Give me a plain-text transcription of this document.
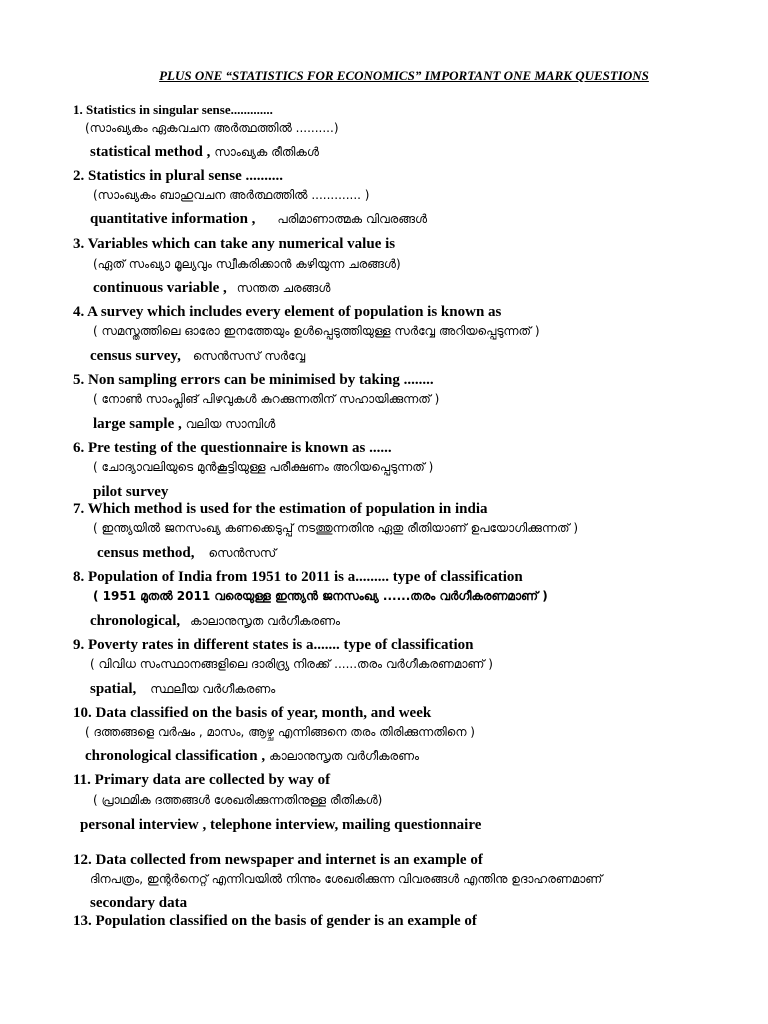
PLUS ONE “STATISTICS FOR ECONOMICS” IMPORTANT ONE MARK QUESTIONS
1. Statistics in singular sense.............
(സാംഖ്യകം ഏകവചന അർത്ഥത്തിൽ ..........)
statistical method , സാംഖ്യക രീതികൾ
2. Statistics in plural sense ..........
(സാംഖ്യകം ബാഹുവചന അർത്ഥത്തിൽ ............. )
quantitative information , പരിമാണാത്മക വിവരങ്ങൾ
3. Variables which can take any numerical value is
(ഏത് സംഖ്യാ മൂല്യവും സ്വീകരിക്കാൻ കഴിയുന്ന ചരങ്ങൾ)
continuous variable , സന്തത ചരങ്ങൾ
4. A survey which includes every element of population is known as
( സമസ്തത്തിലെ ഓരോ ഇനത്തേയും ഉൾപ്പെടുത്തിയുള്ള സർവ്വേ അറിയപ്പെടുന്നത് )
census survey, സെൻസസ് സർവ്വേ
5. Non sampling errors can be minimised by taking ........
( നോൺ സാംപ്ലിങ് പിഴവുകൾ കുറക്കുന്നതിന് സഹായിക്കുന്നത് )
large sample , വലിയ സാമ്പിൾ
6. Pre testing of the questionnaire is known as ......
( ചോദ്യാവലിയുടെ മുൻകൂട്ടിയുള്ള പരീക്ഷണം അറിയപ്പെടുന്നത് )
pilot survey
7. Which method is used for the estimation of population in india
( ഇന്ത്യയിൽ ജനസംഖ്യ കണക്കെടുപ്പ് നടത്തുന്നതിനു ഏതു രീതിയാണ് ഉപയോഗിക്കുന്നത് )
census method, സെൻസസ്
8. Population of India from 1951 to 2011 is a......... type of classification
( 1951 മുതൽ 2011 വരെയുള്ള ഇന്ത്യൻ ജനസംഖ്യ ......തരം വർഗീകരണമാണ് )
chronological, കാലാനുസൃത വർഗീകരണം
9. Poverty rates in different states is a....... type of classification
( വിവിധ സംസ്ഥാനങ്ങളിലെ ദാരിദ്ര്യ നിരക്ക് ......തരം വർഗീകരണമാണ് )
spatial, സ്ഥലീയ വർഗീകരണം
10. Data classified on the basis of year, month, and week
( ദത്തങ്ങളെ വർഷം , മാസം, ആഴ്ച എന്നിങ്ങനെ തരം തിരിക്കുന്നതിനെ )
chronological classification , കാലാനുസൃത വർഗീകരണം
11. Primary data are collected by way of
( പ്രാഥമിക ദത്തങ്ങൾ ശേഖരിക്കുന്നതിനുള്ള രീതികൾ)
personal interview , telephone interview, mailing questionnaire
12. Data collected from newspaper and internet is an example of
ദിനപത്രം, ഇന്റർനെറ്റ് എന്നിവയിൽ നിന്നും ശേഖരിക്കുന്ന വിവരങ്ങൾ എന്തിനു ഉദാഹരണമാണ്
secondary data
13. Population classified on the basis of gender is an example of
